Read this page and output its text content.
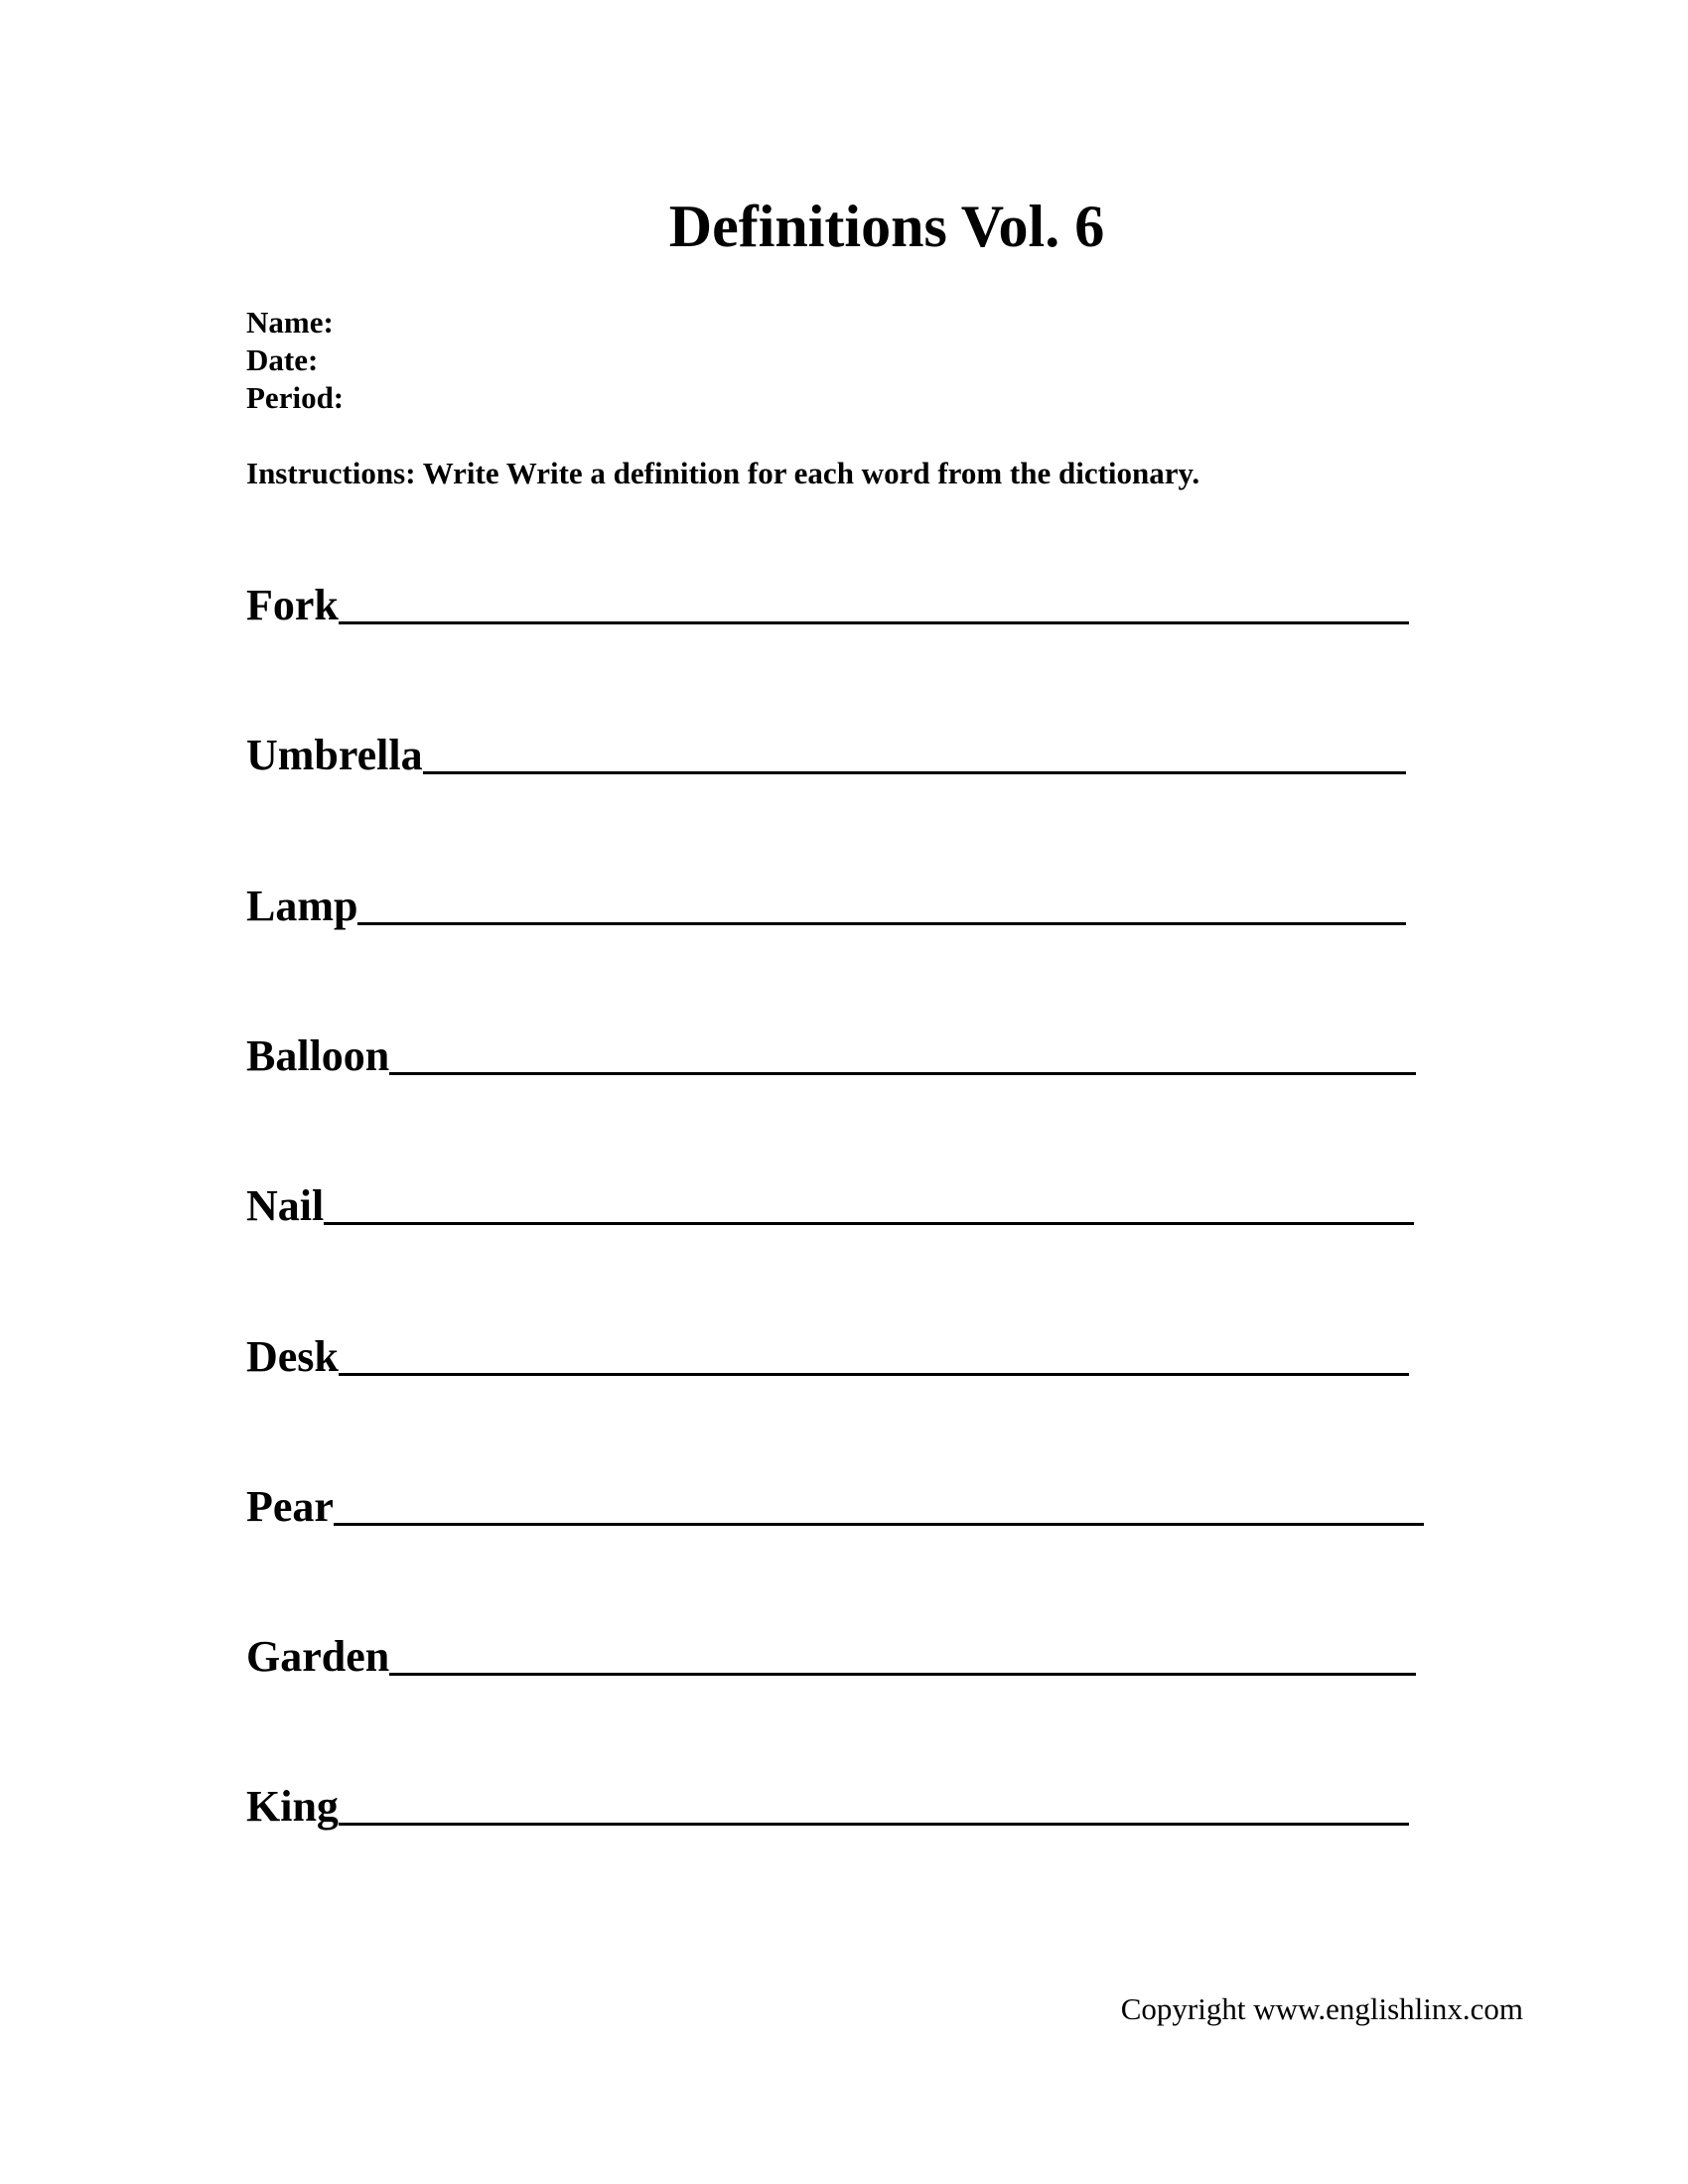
Definitions Vol. 6
Name:
Date:
Period:
Instructions: Write Write a definition for each word from the dictionary.
Fork
Umbrella
Lamp
Balloon
Nail
Desk
Pear
Garden
King
Copyright www.englishlinx.com
